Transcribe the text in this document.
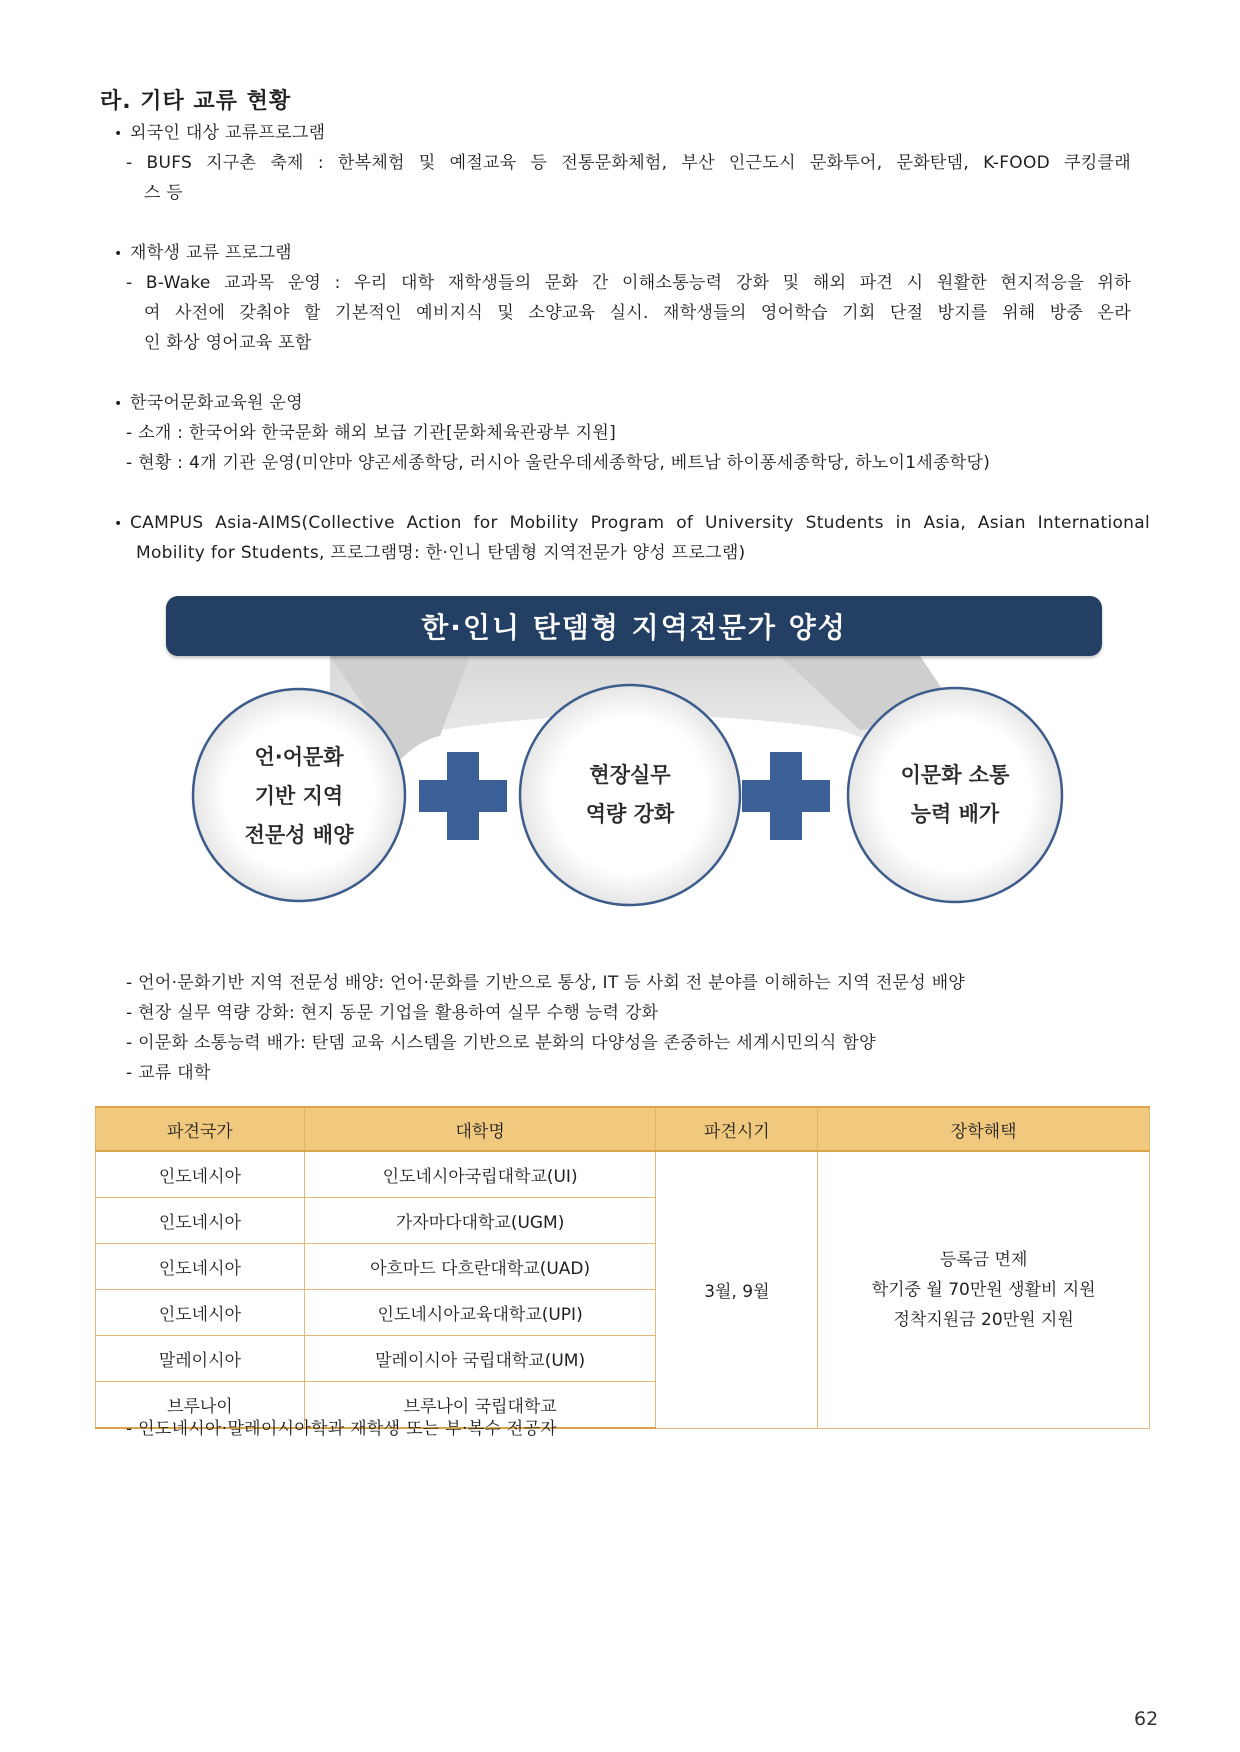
라. 기타 교류 현황
• 외국인 대상 교류프로그램
- BUFS 지구촌 축제 : 한복체험 및 예절교육 등 전통문화체험, 부산 인근도시 문화투어, 문화탄뎀, K-FOOD 쿠킹클래
스 등
• 재학생 교류 프로그램
- B-Wake 교과목 운영 : 우리 대학 재학생들의 문화 간 이해소통능력 강화 및 해외 파견 시 원활한 현지적응을 위하
여 사전에 갖춰야 할 기본적인 예비지식 및 소양교육 실시. 재학생들의 영어학습 기회 단절 방지를 위해 방중 온라
인 화상 영어교육 포함
• 한국어문화교육원 운영
- 소개 : 한국어와 한국문화 해외 보급 기관[문화체육관광부 지원]
- 현황 : 4개 기관 운영(미얀마 양곤세종학당, 러시아 울란우데세종학당, 베트남 하이퐁세종학당, 하노이1세종학당)
• CAMPUS Asia-AIMS(Collective Action for Mobility Program of University Students in Asia, Asian International
Mobility for Students, 프로그램명: 한·인니 탄뎀형 지역전문가 양성 프로그램)
한·인니 탄뎀형 지역전문가 양성
언·어문화
기반 지역
전문성 배양
현장실무
역량 강화
이문화 소통
능력 배가
- 언어·문화기반 지역 전문성 배양: 언어·문화를 기반으로 통상, IT 등 사회 전 분야를 이해하는 지역 전문성 배양
- 현장 실무 역량 강화: 현지 동문 기업을 활용하여 실무 수행 능력 강화
- 이문화 소통능력 배가: 탄뎀 교육 시스템을 기반으로 분화의 다양성을 존중하는 세계시민의식 함양
- 교류 대학
파견국가	대학명	파견시기	장학해택
인도네시아	인도네시아국립대학교(UI)	3월, 9월	등록금 면제
학기중 월 70만원 생활비 지원
정착지원금 20만원 지원

인도네시아	가자마다대학교(UGM)		
인도네시아	아흐마드 다흐란대학교(UAD)		
인도네시아	인도네시아교육대학교(UPI)		
말레이시아	말레이시아 국립대학교(UM)		
브루나이	브루나이 국립대학교		
- 인도네시아·말레이시아학과 재학생 또는 부·복수 전공자
62
